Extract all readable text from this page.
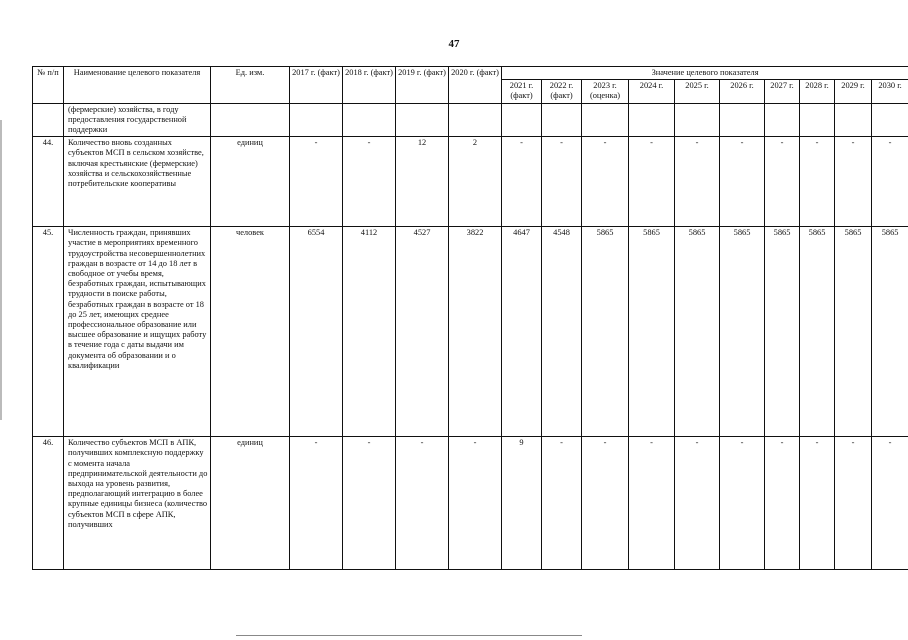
47
№ п/п	Наименование целевого показателя	Ед. изм.	2017 г. (факт)	2018 г. (факт)	2019 г. (факт)	2020 г. (факт)	Значение целевого показателя									
							2021 г. (факт)	2022 г. (факт)	2023 г. (оценка)	2024 г.	2025 г.	2026 г.	2027 г.	2028 г.	2029 г.	2030 г.
	(фермерские) хозяйства, в году предоставления государственной поддержки															
44.	Количество вновь созданных субъектов МСП в сельском хозяйстве, включая крестьянские (фермерские) хозяйства и сельскохозяйственные потребительские кооперативы	единиц	-	-	12	2	-	-	-	-	-	-	-	-	-	-
45.	Численность граждан, принявших участие в мероприятиях временного трудоустройства несовершеннолетних граждан в возрасте от 14 до 18 лет в свободное от учебы время, безработных граждан, испытывающих трудности в поиске работы, безработных граждан в возрасте от 18 до 25 лет, имеющих среднее профессиональное образование или высшее образование и ищущих работу в течение года с даты выдачи им документа об образовании и о квалификации	человек	6554	4112	4527	3822	4647	4548	5865	5865	5865	5865	5865	5865	5865	5865
46.	Количество субъектов МСП в АПК, получивших комплексную поддержку с момента начала предпринимательской деятельности до выхода на уровень развития, предполагающий интеграцию в более крупные единицы бизнеса (количество субъектов МСП в сфере АПК, получивших	единиц	-	-	-	-	9	-	-	-	-	-	-	-	-	-
